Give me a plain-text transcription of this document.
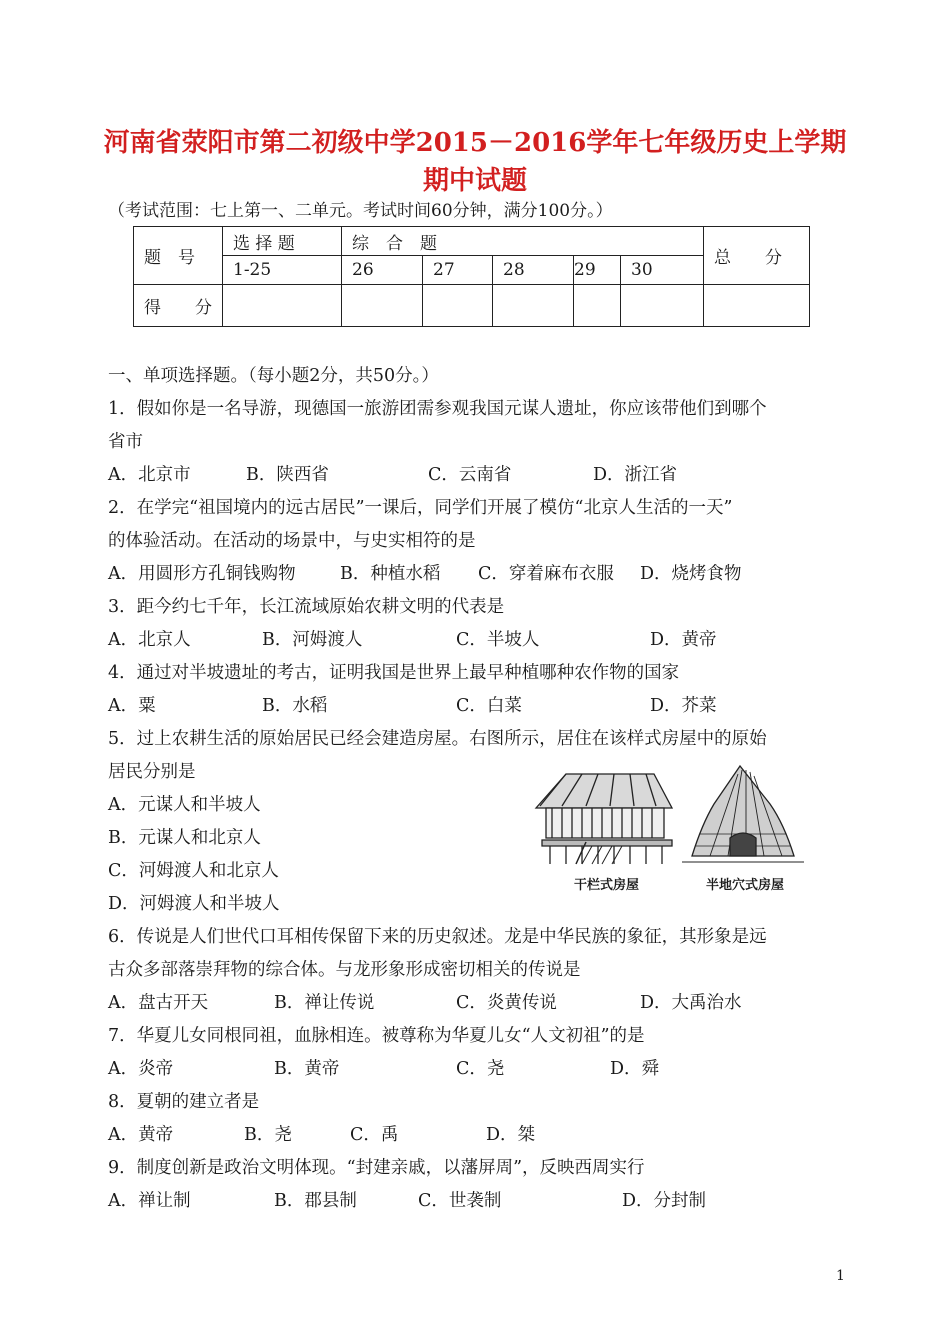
河南省荥阳市第二初级中学2015－2016学年七年级历史上学期
期中试题
（考试范围：七上第一、二单元。考试时间60分钟，满分100分。）
题　号	选 择 题	综　合　题					总　　分
	1-25	26	27	28	29	30	
得　　分							
一、单项选择题。（每小题2分，共50分。）
1．假如你是一名导游，现德国一旅游团需参观我国元谋人遗址，你应该带他们到哪个
省市
A．北京市	B．陕西省	C．云南省	D．浙江省
2．在学完“祖国境内的远古居民”一课后，同学们开展了模仿“北京人生活的一天”
的体验活动。在活动的场景中，与史实相符的是
A．用圆形方孔铜钱购物	B．种植水稻 C．穿着麻布衣服 D．烧烤食物
3．距今约七千年，长江流域原始农耕文明的代表是
A．北京人	B．河姆渡人	C．半坡人	D．黄帝
4．通过对半坡遗址的考古，证明我国是世界上最早种植哪种农作物的国家
A．粟	B．水稻	C．白菜	D．芥菜
5．过上农耕生活的原始居民已经会建造房屋。右图所示，居住在该样式房屋中的原始
居民分别是
A．元谋人和半坡人
B．元谋人和北京人
C．河姆渡人和北京人
D．河姆渡人和半坡人
干栏式房屋	半地穴式房屋
6．传说是人们世代口耳相传保留下来的历史叙述。龙是中华民族的象征，其形象是远
古众多部落崇拜物的综合体。与龙形象形成密切相关的传说是
A．盘古开天	B．禅让传说	C．炎黄传说	D．大禹治水
7．华夏儿女同根同祖，血脉相连。被尊称为华夏儿女“人文初祖”的是
A．炎帝	B．黄帝	C．尧	D．舜
8．夏朝的建立者是
A．黄帝	B．尧	C．禹	D．桀
9．制度创新是政治文明体现。“封建亲戚，以藩屏周”，反映西周实行
A．禅让制	B．郡县制	C．世袭制	D．分封制
1
